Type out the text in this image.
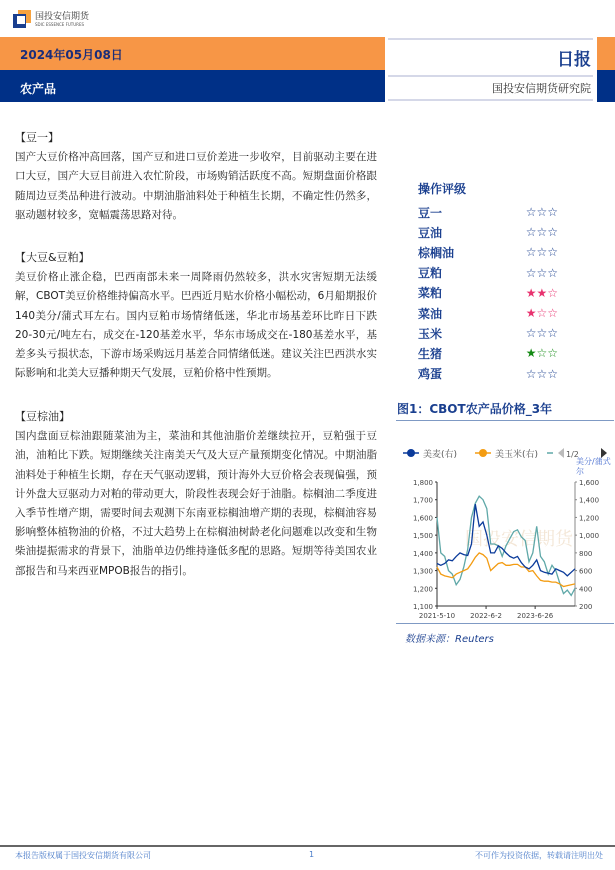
国投安信期货
SDIC ESSENCE FUTURES
2024年05月08日
农产品
日报
国投安信期货研究院
【豆一】

国产大豆价格冲高回落，国产豆和进口豆价差进一步收窄，目前驱动主要在进口大豆，国产大豆目前进入农忙阶段，市场购销活跃度不高。短期盘面价格跟随周边豆类品种进行波动。中期油脂油料处于种植生长期，不确定性仍然多，驱动题材较多，宽幅震荡思路对待。

【大豆&豆粕】

美豆价格止涨企稳，巴西南部未来一周降雨仍然较多，洪水灾害短期无法缓解，CBOT美豆价格维持偏高水平。巴西近月贴水价格小幅松动，6月船期报价140美分/蒲式耳左右。国内豆粕市场情绪低迷，华北市场基差环比昨日下跌20-30元/吨左右，成交在-120基差水平，华东市场成交在-180基差水平，基差多头亏损状态，下游市场采购远月基差合同情绪低迷。建议关注巴西洪水实际影响和北美大豆播种期天气发展，豆粕价格中性预期。

【豆棕油】

国内盘面豆棕油跟随菜油为主，菜油和其他油脂价差继续拉开，豆粕强于豆油，油粕比下跌。短期继续关注南美天气及大豆产量预期变化情况。中期油脂油料处于种植生长期，存在天气驱动逻辑，预计海外大豆价格会表现偏强，预计外盘大豆驱动力对粕的带动更大，阶段性表现会好于油脂。棕榈油二季度进入季节性增产期，需要时间去观测下东南亚棕榈油增产期的表现，棕榈油容易影响整体植物油的价格，不过大趋势上在棕榈油树龄老化问题难以改变和生物柴油提振需求的背景下，油脂单边仍维持逢低多配的思路。短期等待美国农业部报告和马来西亚MPOB报告的指引。

操作评级
豆一	☆☆☆
豆油	☆☆☆
棕榈油	☆☆☆
豆粕	☆☆☆
菜粕	★★☆
菜油	★☆☆
玉米	☆☆☆
生猪	★☆☆
鸡蛋	☆☆☆
图1：CBOT农产品价格_3年
美麦(右)	美玉米(右)	1/2
国投安信期货
1,100
1,200
1,300
1,400
1,500
1,600
1,700
1,800
200
400
600
800
1,000
1,200
1,400
1,600
2021-5-10 2022-6-2 2023-6-26
美分/蒲式尔
数据来源：Reuters
本报告版权属于国投安信期货有限公司	1	不可作为投资依据，转载请注明出处
